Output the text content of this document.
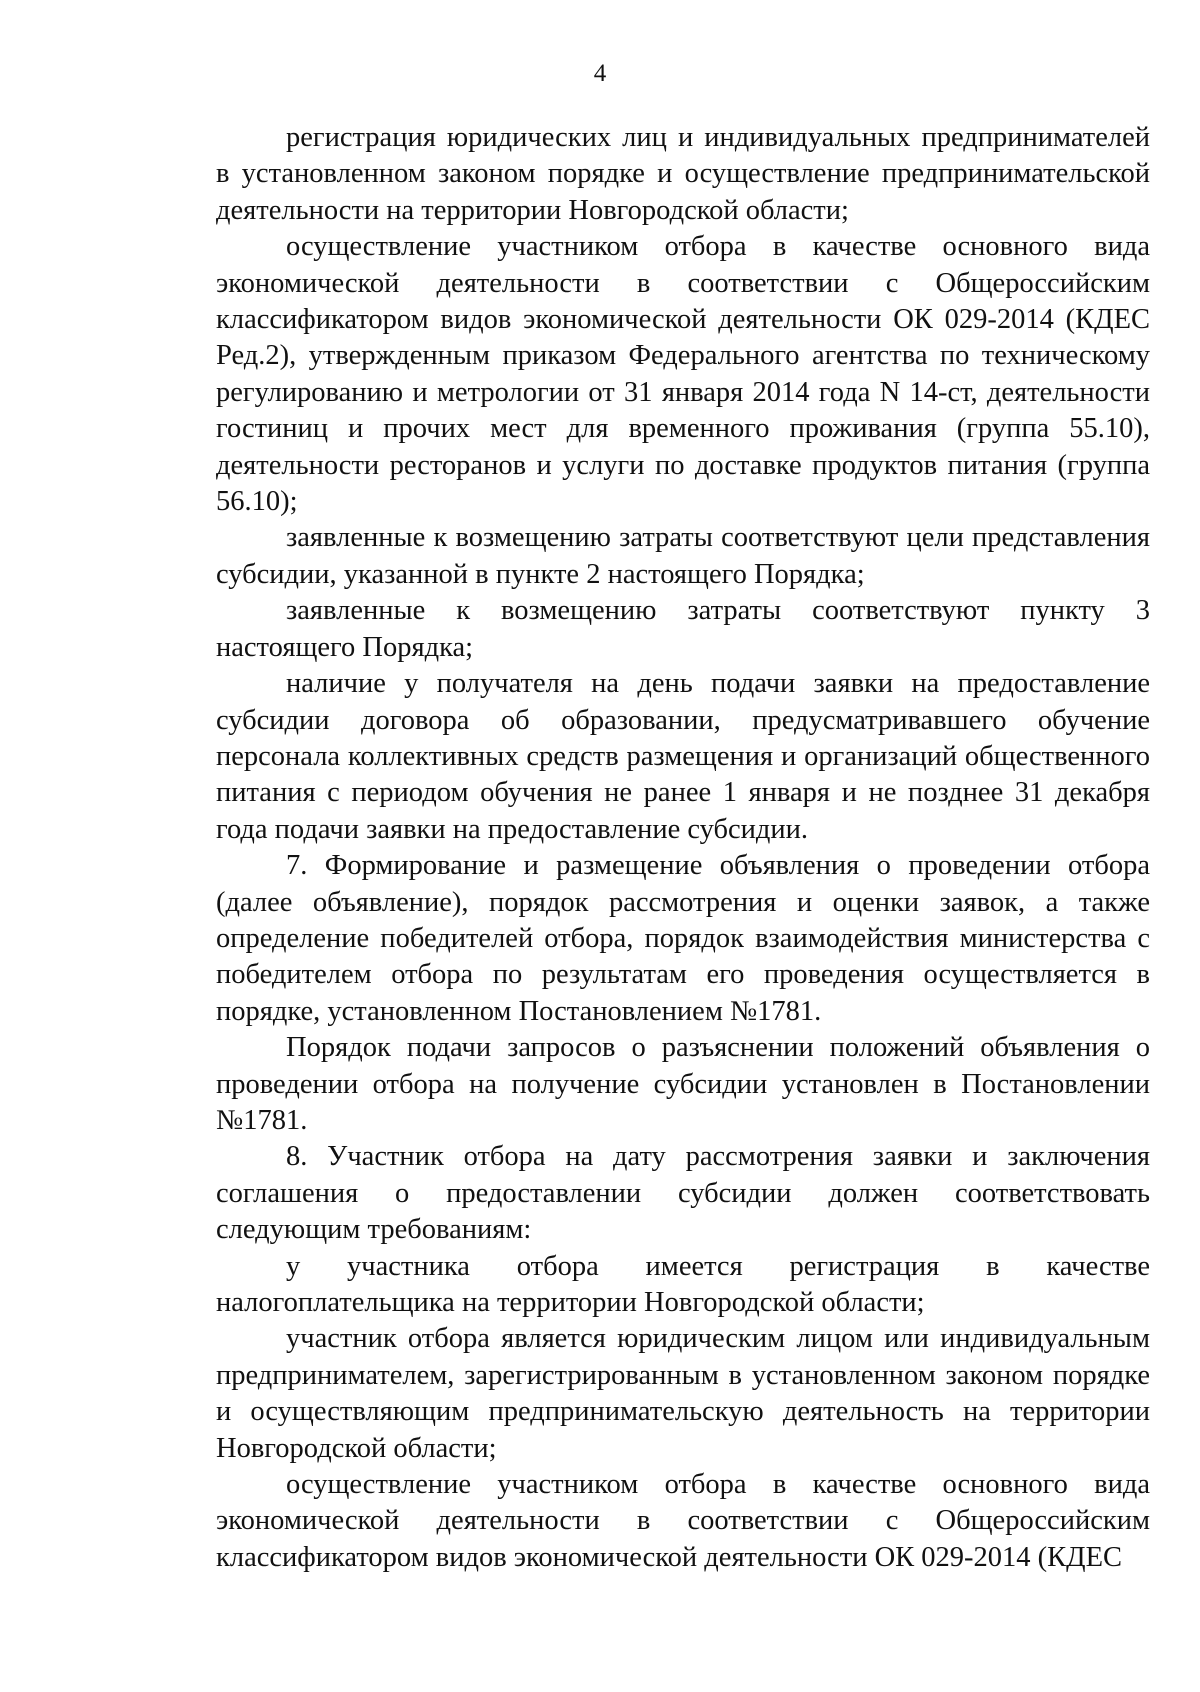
4

регистрация юридических лиц и индивидуальных предпринимателей в установленном законом порядке и осуществление предпринимательской деятельности на территории Новгородской области;

осуществление участником отбора в качестве основного вида экономической деятельности в соответствии с Общероссийским классификатором видов экономической деятельности ОК 029-2014 (КДЕС Ред.2), утвержденным приказом Федерального агентства по техническому регулированию и метрологии от 31 января 2014 года N 14-ст, деятельности гостиниц и прочих мест для временного проживания (группа 55.10), деятельности ресторанов и услуги по доставке продуктов питания (группа 56.10);

заявленные к возмещению затраты соответствуют цели представления субсидии, указанной в пункте 2 настоящего Порядка;

заявленные к возмещению затраты соответствуют пункту 3 настоящего Порядка;

наличие у получателя на день подачи заявки на предоставление субсидии договора об образовании, предусматривавшего обучение персонала коллективных средств размещения и организаций общественного питания с периодом обучения не ранее 1 января и не позднее 31 декабря года подачи заявки на предоставление субсидии.

7. Формирование и размещение объявления о проведении отбора (далее объявление), порядок рассмотрения и оценки заявок, а также определение победителей отбора, порядок взаимодействия министерства с победителем отбора по результатам его проведения осуществляется в порядке, установленном Постановлением №1781.

Порядок подачи запросов о разъяснении положений объявления о проведении отбора на получение субсидии установлен в Постановлении №1781.

8. Участник отбора на дату рассмотрения заявки и заключения соглашения о предоставлении субсидии должен соответствовать следующим требованиям:

у участника отбора имеется регистрация в качестве налогоплательщика на территории Новгородской области;

участник отбора является юридическим лицом или индивидуальным предпринимателем, зарегистрированным в установленном законом порядке и осуществляющим предпринимательскую деятельность на территории Новгородской области;

осуществление участником отбора в качестве основного вида экономической деятельности в соответствии с Общероссийским классификатором видов экономической деятельности ОК 029-2014 (КДЕС
